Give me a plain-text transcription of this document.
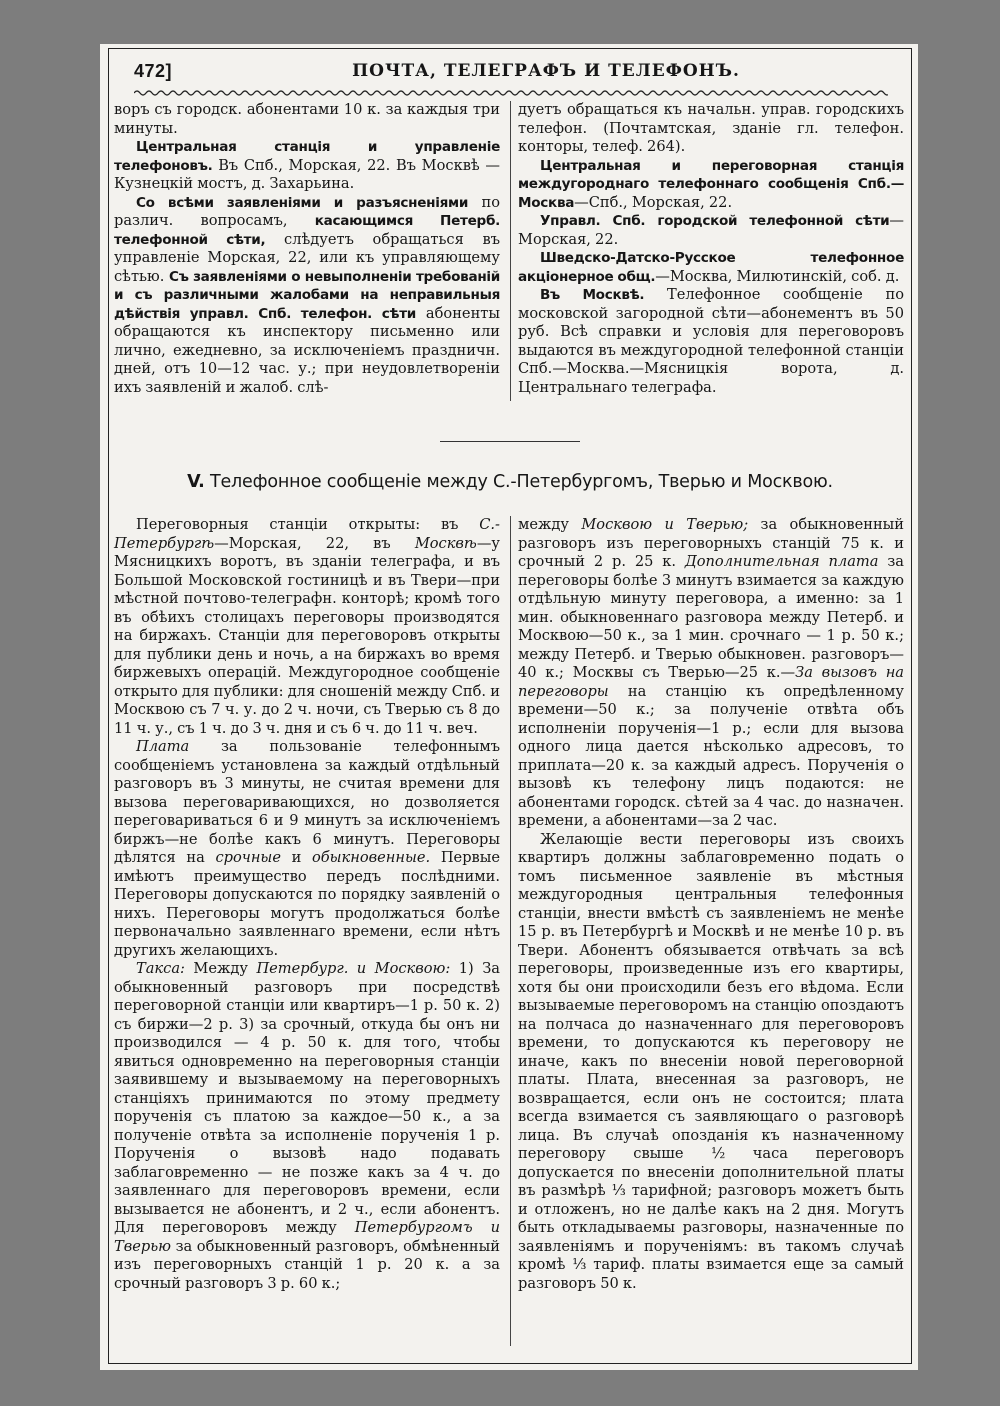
472]	ПОЧТА, ТЕЛЕГРАФЪ И ТЕЛЕФОНЪ.

воръ съ городск. абонентами 10 к. за каждыя три минуты.

Центральная станція и управленіе телефоновъ. Въ Спб., Морская, 22. Въ Москвѣ — Кузнецкій мостъ, д. Захарьина.

Со всѣми заявленіями и разъясненіями по различ. вопросамъ, касающимся Петерб. телефонной сѣти, слѣдуетъ обращаться въ управленіе Морская, 22, или къ управляющему сѣтью. Съ заявленіями о невыполненіи требованій и съ различными жалобами на неправильныя дѣйствія управл. Спб. телефон. сѣти абоненты обращаются къ инспектору письменно или лично, ежедневно, за исключеніемъ праздничн. дней, отъ 10—12 час. у.; при неудовлетвореніи ихъ заявленій и жалоб. слѣ-

дуетъ обращаться къ начальн. управ. городскихъ телефон. (Почтамтская, зданіе гл. телефон. конторы, телеф. 264).

Центральная и переговорная станція междугороднаго телефоннаго сообщенія Спб.—Москва—Спб., Морская, 22.

Управл. Спб. городской телефонной сѣти—Морская, 22.

Шведско-Датско-Русское телефонное акціонерное общ.—Москва, Милютинскій, соб. д.

Въ Москвѣ. Телефонное сообщеніе по московской загородной сѣти—абонементъ въ 50 руб. Всѣ справки и условія для переговоровъ выдаются въ междугородной телефонной станціи Спб.—Москва.—Мясницкія ворота, д. Центральнаго телеграфа.

V. Телефонное сообщеніе между С.-Петербургомъ, Тверью и Москвою.

Переговорныя станціи открыты: въ С.-Петербургѣ—Морская, 22, въ Москвѣ—у Мясницкихъ воротъ, въ зданіи телеграфа, и въ Большой Московской гостиницѣ и въ Твери—при мѣстной почтово-телеграфн. конторѣ; кромѣ того въ обѣихъ столицахъ переговоры производятся на биржахъ. Станціи для переговоровъ открыты для публики день и ночь, а на биржахъ во время биржевыхъ операцій. Междугородное сообщеніе открыто для публики: для сношеній между Спб. и Москвою съ 7 ч. у. до 2 ч. ночи, съ Тверью съ 8 до 11 ч. у., съ 1 ч. до 3 ч. дня и съ 6 ч. до 11 ч. веч.

Плата за пользованіе телефоннымъ сообщеніемъ установлена за каждый отдѣльный разговоръ въ 3 минуты, не считая времени для вызова переговаривающихся, но дозволяется переговариваться 6 и 9 минутъ за исключеніемъ биржъ—не болѣе какъ 6 минутъ. Переговоры дѣлятся на срочные и обыкновенные. Первые имѣютъ преимущество передъ послѣдними. Переговоры допускаются по порядку заявленій о нихъ. Переговоры могутъ продолжаться болѣе первоначально заявленнаго времени, если нѣтъ другихъ желающихъ.

Такса: Между Петербург. и Москвою: 1) За обыкновенный разговоръ при посредствѣ переговорной станціи или квартиръ—1 р. 50 к. 2) съ биржи—2 р. 3) за срочный, откуда бы онъ ни производился — 4 р. 50 к. для того, чтобы явиться одновременно на переговорныя станціи заявившему и вызываемому на переговорныхъ станціяхъ принимаются по этому предмету порученія съ платою за каждое—50 к., а за полученіе отвѣта за исполненіе порученія 1 р. Порученія о вызовѣ надо подавать заблаговременно — не позже какъ за 4 ч. до заявленнаго для переговоровъ времени, если вызывается не абонентъ, и 2 ч., если абонентъ. Для переговоровъ между Петербургомъ и Тверью за обыкновенный разговоръ, обмѣненный изъ переговорныхъ станцій 1 р. 20 к. а за срочный разговоръ 3 р. 60 к.;

между Москвою и Тверью; за обыкновенный разговоръ изъ переговорныхъ станцій 75 к. и срочный 2 р. 25 к. Дополнительная плата за переговоры болѣе 3 минутъ взимается за каждую отдѣльную минуту переговора, а именно: за 1 мин. обыкновеннаго разговора между Петерб. и Москвою—50 к., за 1 мин. срочнаго — 1 р. 50 к.; между Петерб. и Тверью обыкновен. разговоръ—40 к.; Москвы съ Тверью—25 к.—За вызовъ на переговоры на станцію къ опредѣленному времени—50 к.; за полученіе отвѣта объ исполненіи порученія—1 р.; если для вызова одного лица дается нѣсколько адресовъ, то приплата—20 к. за каждый адресъ. Порученія о вызовѣ къ телефону лицъ подаются: не абонентами городск. сѣтей за 4 час. до назначен. времени, а абонентами—за 2 час.

Желающіе вести переговоры изъ своихъ квартиръ должны заблаговременно подать о томъ письменное заявленіе въ мѣстныя междугородныя центральныя телефонныя станціи, внести вмѣстѣ съ заявленіемъ не менѣе 15 р. въ Петербургѣ и Москвѣ и не менѣе 10 р. въ Твери. Абонентъ обязывается отвѣчать за всѣ переговоры, произведенные изъ его квартиры, хотя бы они происходили безъ его вѣдома. Если вызываемые переговоромъ на станцію опоздаютъ на полчаса до назначеннаго для переговоровъ времени, то допускаются къ переговору не иначе, какъ по внесеніи новой переговорной платы. Плата, внесенная за разговоръ, не возвращается, если онъ не состоится; плата всегда взимается съ заявляющаго о разговорѣ лица. Въ случаѣ опозданія къ назначенному переговору свыше ½ часа переговоръ допускается по внесеніи дополнительной платы въ размѣрѣ ⅓ тарифной; разговоръ можетъ быть и отложенъ, но не далѣе какъ на 2 дня. Могутъ быть откладываемы разговоры, назначенные по заявленіямъ и порученіямъ: въ такомъ случаѣ кромѣ ⅓ тариф. платы взимается еще за самый разговоръ 50 к.
